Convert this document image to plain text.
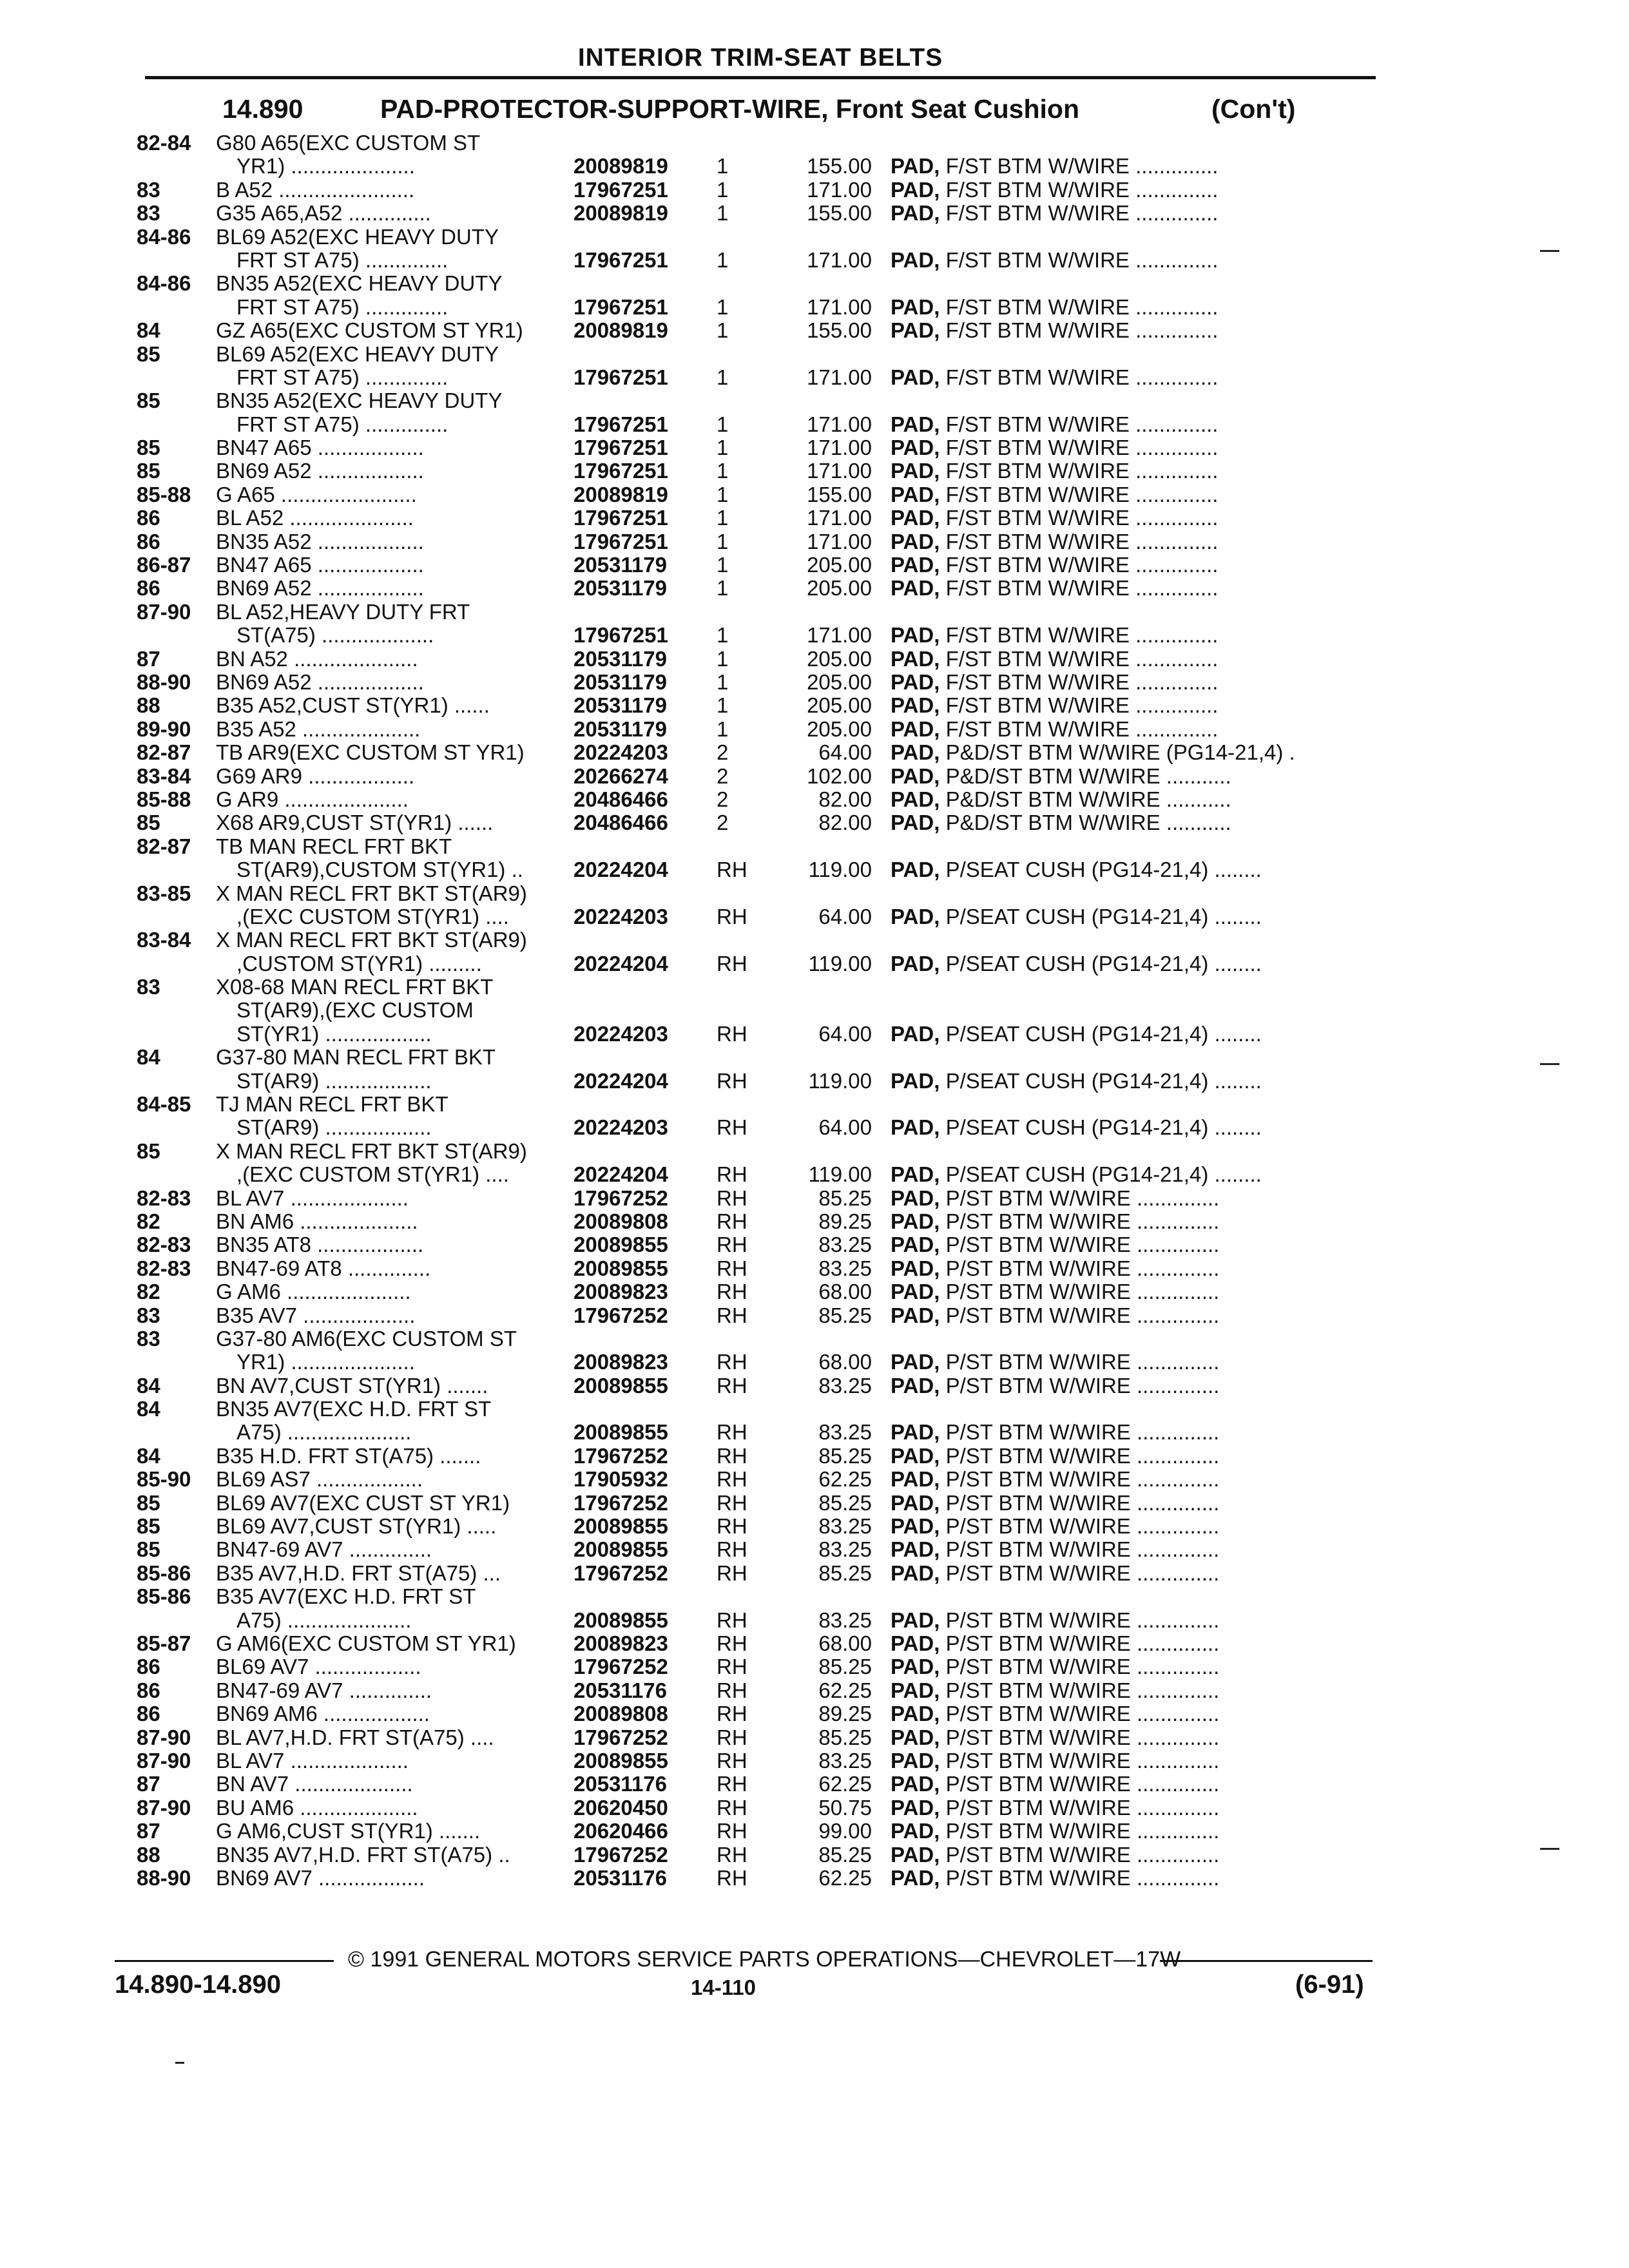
INTERIOR TRIM-SEAT BELTS
14.890	PAD-PROTECTOR-SUPPORT-WIRE, Front Seat Cushion	(Con't)
82-84 G80 A65(EXC CUSTOM ST
YR1) .....................	20089819 1	155.00 PAD, F/ST BTM W/WIRE ..............
83	B A52 .......................	17967251 1	171.00 PAD, F/ST BTM W/WIRE ..............
83	G35 A65,A52 ..............	20089819 1	155.00 PAD, F/ST BTM W/WIRE ..............
84-86 BL69 A52(EXC HEAVY DUTY
FRT ST A75) ..............	17967251 1	171.00 PAD, F/ST BTM W/WIRE ..............
84-86 BN35 A52(EXC HEAVY DUTY
FRT ST A75) ..............	17967251 1	171.00 PAD, F/ST BTM W/WIRE ..............
84	GZ A65(EXC CUSTOM ST YR1) 20089819 1	155.00 PAD, F/ST BTM W/WIRE ..............
85	BL69 A52(EXC HEAVY DUTY
FRT ST A75) ..............	17967251 1	171.00 PAD, F/ST BTM W/WIRE ..............
85	BN35 A52(EXC HEAVY DUTY
FRT ST A75) ..............	17967251 1	171.00 PAD, F/ST BTM W/WIRE ..............
85	BN47 A65 ..................	17967251 1	171.00 PAD, F/ST BTM W/WIRE ..............
85	BN69 A52 ..................	17967251 1	171.00 PAD, F/ST BTM W/WIRE ..............
85-88 G A65 .......................	20089819 1	155.00 PAD, F/ST BTM W/WIRE ..............
86	BL A52 .....................	17967251 1	171.00 PAD, F/ST BTM W/WIRE ..............
86	BN35 A52 ..................	17967251 1	171.00 PAD, F/ST BTM W/WIRE ..............
86-87 BN47 A65 ..................	20531179 1	205.00 PAD, F/ST BTM W/WIRE ..............
86	BN69 A52 ..................	20531179 1	205.00 PAD, F/ST BTM W/WIRE ..............
87-90 BL A52,HEAVY DUTY FRT
ST(A75) ...................	17967251 1	171.00 PAD, F/ST BTM W/WIRE ..............
87	BN A52 .....................	20531179 1	205.00 PAD, F/ST BTM W/WIRE ..............
88-90 BN69 A52 ..................	20531179 1	205.00 PAD, F/ST BTM W/WIRE ..............
88	B35 A52,CUST ST(YR1) ......	20531179 1	205.00 PAD, F/ST BTM W/WIRE ..............
89-90 B35 A52 ....................	20531179 1	205.00 PAD, F/ST BTM W/WIRE ..............
82-87 TB AR9(EXC CUSTOM ST YR1) 20224203 2	64.00 PAD, P&D/ST BTM W/WIRE (PG14-21,4) .
83-84 G69 AR9 ..................	20266274 2	102.00 PAD, P&D/ST BTM W/WIRE ...........
85-88 G AR9 .....................	20486466 2	82.00 PAD, P&D/ST BTM W/WIRE ...........
85	X68 AR9,CUST ST(YR1) ......	20486466 2	82.00 PAD, P&D/ST BTM W/WIRE ...........
82-87 TB MAN RECL FRT BKT
ST(AR9),CUSTOM ST(YR1) .. 20224204 RH	119.00 PAD, P/SEAT CUSH (PG14-21,4) ........
83-85 X MAN RECL FRT BKT ST(AR9)
,(EXC CUSTOM ST(YR1) ....	20224203 RH	64.00 PAD, P/SEAT CUSH (PG14-21,4) ........
83-84 X MAN RECL FRT BKT ST(AR9)
,CUSTOM ST(YR1) .........	20224204 RH	119.00 PAD, P/SEAT CUSH (PG14-21,4) ........
83	X08-68 MAN RECL FRT BKT
ST(AR9),(EXC CUSTOM
ST(YR1) ..................	20224203 RH	64.00 PAD, P/SEAT CUSH (PG14-21,4) ........
84	G37-80 MAN RECL FRT BKT
ST(AR9) ..................	20224204 RH	119.00 PAD, P/SEAT CUSH (PG14-21,4) ........
84-85 TJ MAN RECL FRT BKT
ST(AR9) ..................	20224203 RH	64.00 PAD, P/SEAT CUSH (PG14-21,4) ........
85	X MAN RECL FRT BKT ST(AR9)
,(EXC CUSTOM ST(YR1) ....	20224204 RH	119.00 PAD, P/SEAT CUSH (PG14-21,4) ........
82-83 BL AV7 ....................	17967252 RH	85.25 PAD, P/ST BTM W/WIRE ..............
82	BN AM6 ....................	20089808 RH	89.25 PAD, P/ST BTM W/WIRE ..............
82-83 BN35 AT8 ..................	20089855 RH	83.25 PAD, P/ST BTM W/WIRE ..............
82-83 BN47-69 AT8 ..............	20089855 RH	83.25 PAD, P/ST BTM W/WIRE ..............
82	G AM6 .....................	20089823 RH	68.00 PAD, P/ST BTM W/WIRE ..............
83	B35 AV7 ...................	17967252 RH	85.25 PAD, P/ST BTM W/WIRE ..............
83	G37-80 AM6(EXC CUSTOM ST
YR1) .....................	20089823 RH	68.00 PAD, P/ST BTM W/WIRE ..............
84	BN AV7,CUST ST(YR1) .......	20089855 RH	83.25 PAD, P/ST BTM W/WIRE ..............
84	BN35 AV7(EXC H.D. FRT ST
A75) .....................	20089855 RH	83.25 PAD, P/ST BTM W/WIRE ..............
84	B35 H.D. FRT ST(A75) .......	17967252 RH	85.25 PAD, P/ST BTM W/WIRE ..............
85-90 BL69 AS7 ..................	17905932 RH	62.25 PAD, P/ST BTM W/WIRE ..............
85	BL69 AV7(EXC CUST ST YR1)	17967252 RH	85.25 PAD, P/ST BTM W/WIRE ..............
85	BL69 AV7,CUST ST(YR1) .....	20089855 RH	83.25 PAD, P/ST BTM W/WIRE ..............
85	BN47-69 AV7 ..............	20089855 RH	83.25 PAD, P/ST BTM W/WIRE ..............
85-86 B35 AV7,H.D. FRT ST(A75) ...	17967252 RH	85.25 PAD, P/ST BTM W/WIRE ..............
85-86 B35 AV7(EXC H.D. FRT ST
A75) .....................	20089855 RH	83.25 PAD, P/ST BTM W/WIRE ..............
85-87 G AM6(EXC CUSTOM ST YR1)	20089823 RH	68.00 PAD, P/ST BTM W/WIRE ..............
86	BL69 AV7 ..................	17967252 RH	85.25 PAD, P/ST BTM W/WIRE ..............
86	BN47-69 AV7 ..............	20531176 RH	62.25 PAD, P/ST BTM W/WIRE ..............
86	BN69 AM6 ..................	20089808 RH	89.25 PAD, P/ST BTM W/WIRE ..............
87-90 BL AV7,H.D. FRT ST(A75) ....	17967252 RH	85.25 PAD, P/ST BTM W/WIRE ..............
87-90 BL AV7 ....................	20089855 RH	83.25 PAD, P/ST BTM W/WIRE ..............
87	BN AV7 ....................	20531176 RH	62.25 PAD, P/ST BTM W/WIRE ..............
87-90 BU AM6 ....................	20620450 RH	50.75 PAD, P/ST BTM W/WIRE ..............
87	G AM6,CUST ST(YR1) .......	20620466 RH	99.00 PAD, P/ST BTM W/WIRE ..............
88	BN35 AV7,H.D. FRT ST(A75) ..	17967252 RH	85.25 PAD, P/ST BTM W/WIRE ..............
88-90 BN69 AV7 ..................	20531176 RH	62.25 PAD, P/ST BTM W/WIRE ..............
© 1991 GENERAL MOTORS SERVICE PARTS OPERATIONS—CHEVROLET—17W
14.890-14.890	14-110	(6-91)
